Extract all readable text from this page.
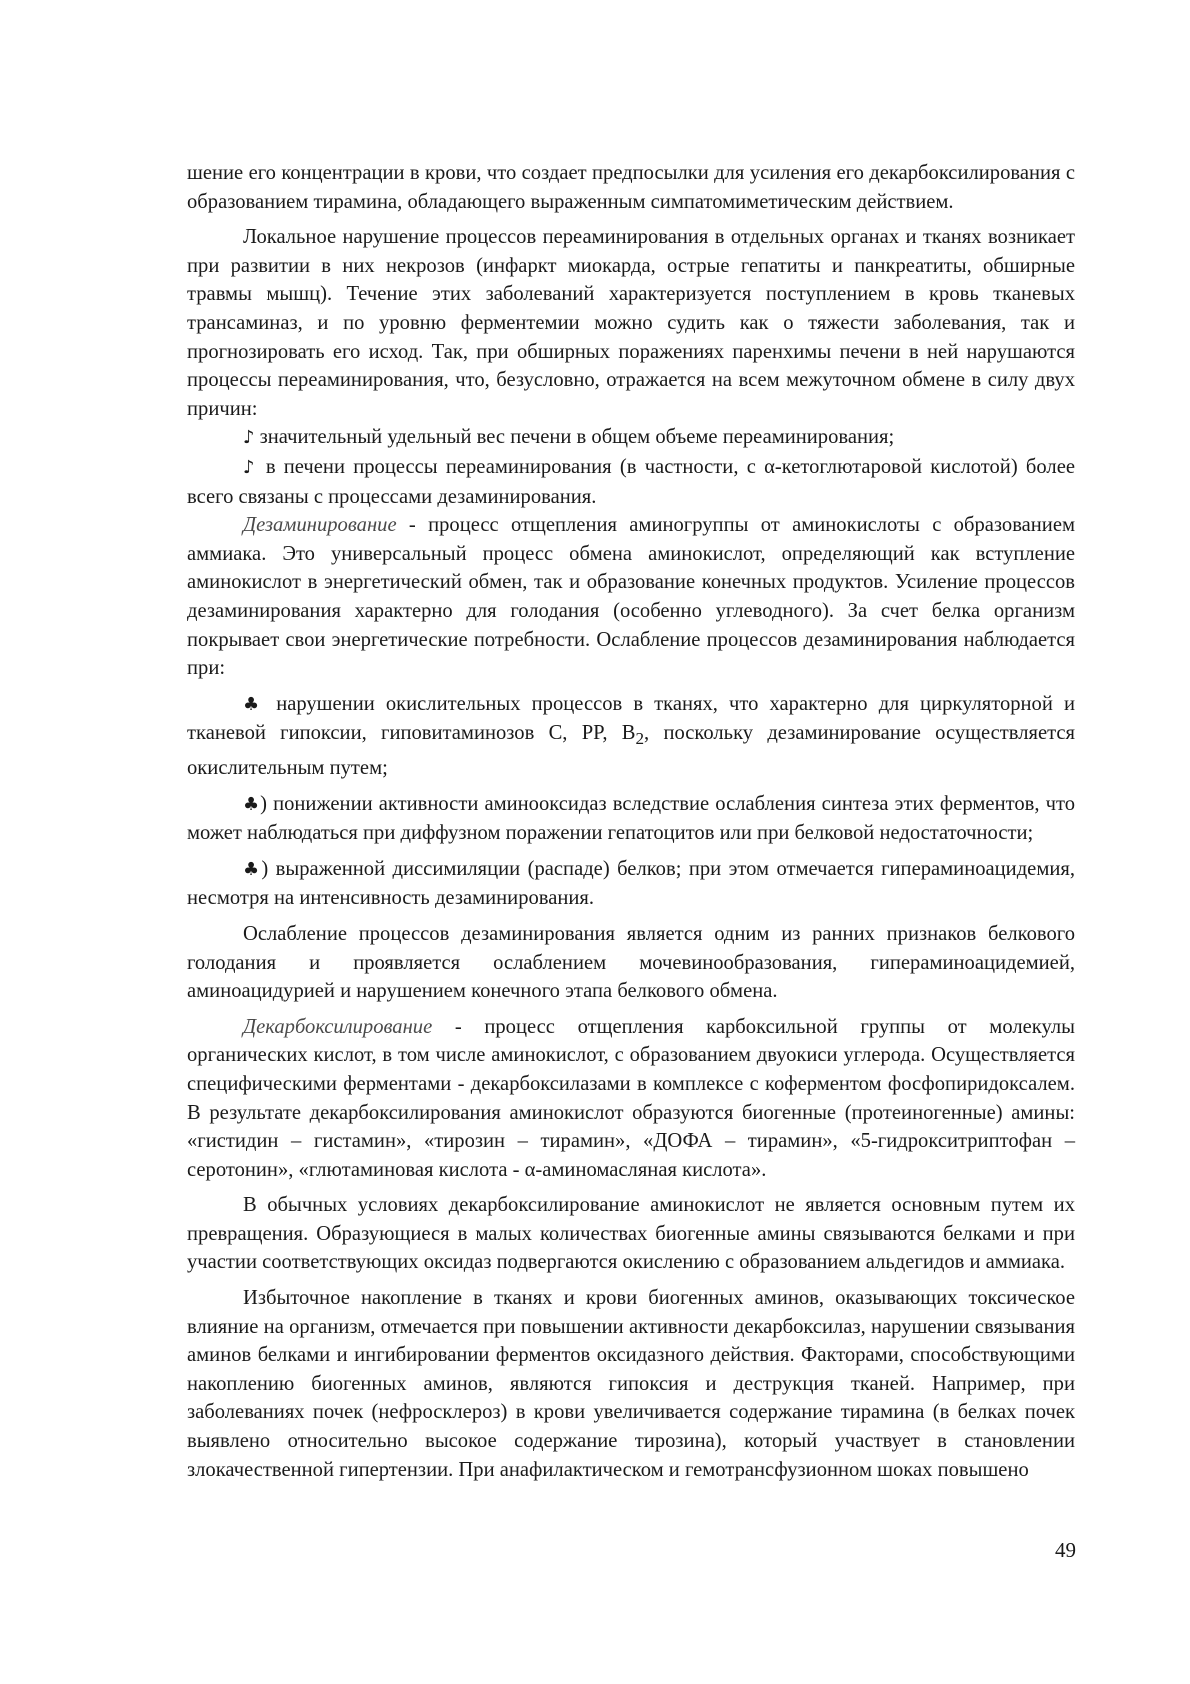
шение его концентрации в крови, что создает предпосылки для усиления его декарбоксилирования с образованием тирамина, обладающего выраженным симпатомиметическим действием.

Локальное нарушение процессов переаминирования в отдельных органах и тканях возникает при развитии в них некрозов (инфаркт миокарда, острые гепатиты и панкреатиты, обширные травмы мышц). Течение этих заболеваний характеризуется поступлением в кровь тканевых трансаминаз, и по уровню ферментемии можно судить как о тяжести заболевания, так и прогнозировать его исход. Так, при обширных поражениях паренхимы печени в ней нарушаются процессы переаминирования, что, безусловно, отражается на всем межуточном обмене в силу двух причин:

♪ значительный удельный вес печени в общем объеме переаминирования;

♪ в печени процессы переаминирования (в частности, с α-кетоглютаровой кислотой) более всего связаны с процессами дезаминирования.

Дезаминирование - процесс отщепления аминогруппы от аминокислоты с образованием аммиака. Это универсальный процесс обмена аминокислот, определяющий как вступление аминокислот в энергетический обмен, так и образование конечных продуктов. Усиление процессов дезаминирования характерно для голодания (особенно углеводного). За счет белка организм покрывает свои энергетические потребности. Ослабление процессов дезаминирования наблюдается при:

♣ нарушении окислительных процессов в тканях, что характерно для циркуляторной и тканевой гипоксии, гиповитаминозов С, PP, $B_2$, поскольку дезаминирование осуществляется окислительным путем;

♣) понижении активности аминооксидаз вследствие ослабления синтеза этих ферментов, что может наблюдаться при диффузном поражении гепатоцитов или при белковой недостаточности;

♣) выраженной диссимиляции (распаде) белков; при этом отмечается гипераминоацидемия, несмотря на интенсивность дезаминирования.

Ослабление процессов дезаминирования является одним из ранних признаков белкового голодания и проявляется ослаблением мочевинообразования, гипераминоацидемией, аминоацидурией и нарушением конечного этапа белкового обмена.

Декарбоксилирование - процесс отщепления карбоксильной группы от молекулы органических кислот, в том числе аминокислот, с образованием двуокиси углерода. Осуществляется специфическими ферментами - декарбоксилазами в комплексе с коферментом фосфопиридоксалем. В результате декарбоксилирования аминокислот образуются биогенные (протеиногенные) амины: «гистидин – гистамин», «тирозин – тирамин», «ДОФА – тирамин», «5-гидрокситриптофан – серотонин», «глютаминовая кислота - α-аминомасляная кислота».

В обычных условиях декарбоксилирование аминокислот не является основным путем их превращения. Образующиеся в малых количествах биогенные амины связываются белками и при участии соответствующих оксидаз подвергаются окислению с образованием альдегидов и аммиака.

Избыточное накопление в тканях и крови биогенных аминов, оказывающих токсическое влияние на организм, отмечается при повышении активности декарбоксилаз, нарушении связывания аминов белками и ингибировании ферментов оксидазного действия. Факторами, способствующими накоплению биогенных аминов, являются гипоксия и деструкция тканей. Например, при заболеваниях почек (нефросклероз) в крови увеличивается содержание тирамина (в белках почек выявлено относительно высокое содержание тирозина), который участвует в становлении злокачественной гипертензии. При анафилактическом и гемотрансфузионном шоках повышено

49
